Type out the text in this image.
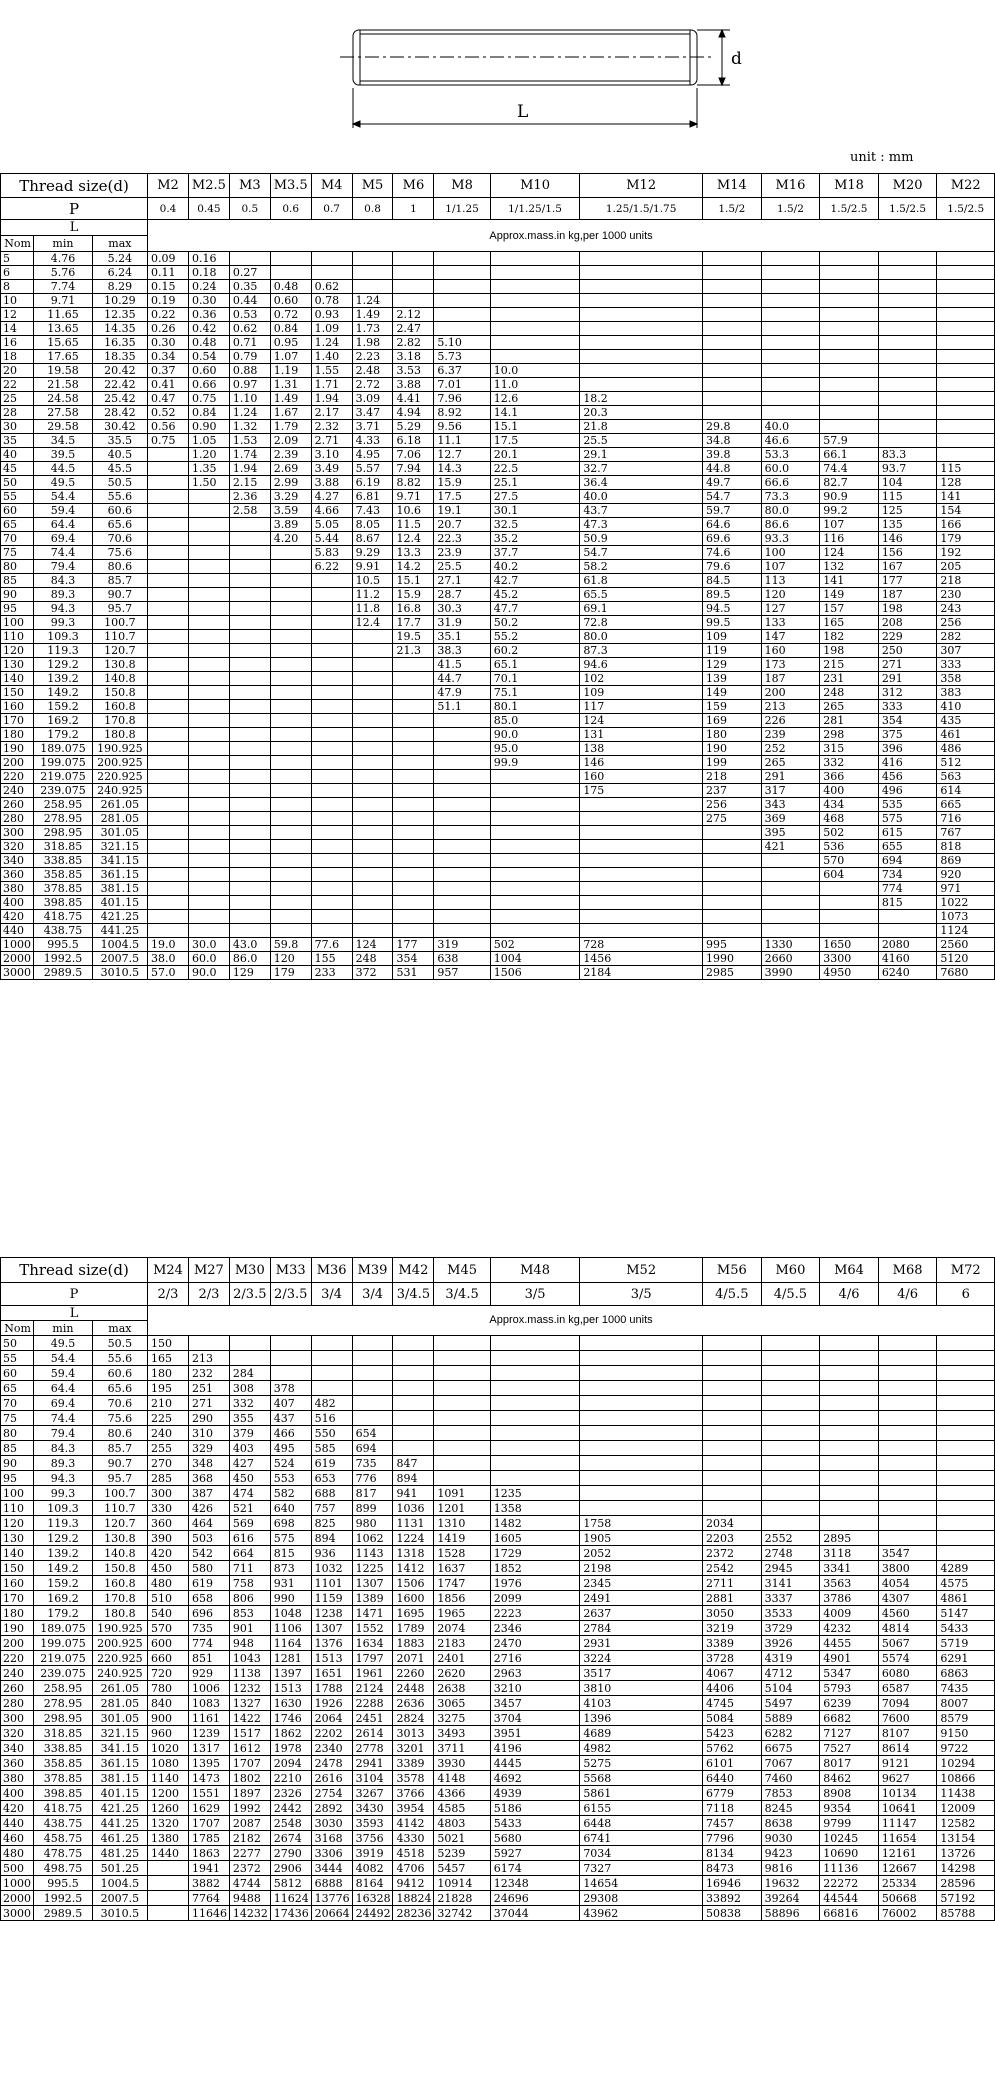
d
L
unit : mm
Thread size(d)			M2	M2.5	M3	M3.5	M4	M5	M6	M8	M10	M12	M14	M16	M18	M20	M22
P			0.4	0.45	0.5	0.6	0.7	0.8	1	1/1.25	1/1.25/1.5	1.25/1.5/1.75	1.5/2	1.5/2	1.5/2.5	1.5/2.5	1.5/2.5
L			Approx.mass.in kg,per 1000 units														
Nom	min	max															
5	4.76	5.24	0.09	0.16													
6	5.76	6.24	0.11	0.18	0.27												
8	7.74	8.29	0.15	0.24	0.35	0.48	0.62										
10	9.71	10.29	0.19	0.30	0.44	0.60	0.78	1.24									
12	11.65	12.35	0.22	0.36	0.53	0.72	0.93	1.49	2.12								
14	13.65	14.35	0.26	0.42	0.62	0.84	1.09	1.73	2.47								
16	15.65	16.35	0.30	0.48	0.71	0.95	1.24	1.98	2.82	5.10							
18	17.65	18.35	0.34	0.54	0.79	1.07	1.40	2.23	3.18	5.73							
20	19.58	20.42	0.37	0.60	0.88	1.19	1.55	2.48	3.53	6.37	10.0						
22	21.58	22.42	0.41	0.66	0.97	1.31	1.71	2.72	3.88	7.01	11.0						
25	24.58	25.42	0.47	0.75	1.10	1.49	1.94	3.09	4.41	7.96	12.6	18.2					
28	27.58	28.42	0.52	0.84	1.24	1.67	2.17	3.47	4.94	8.92	14.1	20.3					
30	29.58	30.42	0.56	0.90	1.32	1.79	2.32	3.71	5.29	9.56	15.1	21.8	29.8	40.0			
35	34.5	35.5	0.75	1.05	1.53	2.09	2.71	4.33	6.18	11.1	17.5	25.5	34.8	46.6	57.9		
40	39.5	40.5		1.20	1.74	2.39	3.10	4.95	7.06	12.7	20.1	29.1	39.8	53.3	66.1	83.3	
45	44.5	45.5		1.35	1.94	2.69	3.49	5.57	7.94	14.3	22.5	32.7	44.8	60.0	74.4	93.7	115
50	49.5	50.5		1.50	2.15	2.99	3.88	6.19	8.82	15.9	25.1	36.4	49.7	66.6	82.7	104	128
55	54.4	55.6			2.36	3.29	4.27	6.81	9.71	17.5	27.5	40.0	54.7	73.3	90.9	115	141
60	59.4	60.6			2.58	3.59	4.66	7.43	10.6	19.1	30.1	43.7	59.7	80.0	99.2	125	154
65	64.4	65.6				3.89	5.05	8.05	11.5	20.7	32.5	47.3	64.6	86.6	107	135	166
70	69.4	70.6				4.20	5.44	8.67	12.4	22.3	35.2	50.9	69.6	93.3	116	146	179
75	74.4	75.6					5.83	9.29	13.3	23.9	37.7	54.7	74.6	100	124	156	192
80	79.4	80.6					6.22	9.91	14.2	25.5	40.2	58.2	79.6	107	132	167	205
85	84.3	85.7						10.5	15.1	27.1	42.7	61.8	84.5	113	141	177	218
90	89.3	90.7						11.2	15.9	28.7	45.2	65.5	89.5	120	149	187	230
95	94.3	95.7						11.8	16.8	30.3	47.7	69.1	94.5	127	157	198	243
100	99.3	100.7						12.4	17.7	31.9	50.2	72.8	99.5	133	165	208	256
110	109.3	110.7							19.5	35.1	55.2	80.0	109	147	182	229	282
120	119.3	120.7							21.3	38.3	60.2	87.3	119	160	198	250	307
130	129.2	130.8								41.5	65.1	94.6	129	173	215	271	333
140	139.2	140.8								44.7	70.1	102	139	187	231	291	358
150	149.2	150.8								47.9	75.1	109	149	200	248	312	383
160	159.2	160.8								51.1	80.1	117	159	213	265	333	410
170	169.2	170.8									85.0	124	169	226	281	354	435
180	179.2	180.8									90.0	131	180	239	298	375	461
190	189.075	190.925									95.0	138	190	252	315	396	486
200	199.075	200.925									99.9	146	199	265	332	416	512
220	219.075	220.925										160	218	291	366	456	563
240	239.075	240.925										175	237	317	400	496	614
260	258.95	261.05											256	343	434	535	665
280	278.95	281.05											275	369	468	575	716
300	298.95	301.05												395	502	615	767
320	318.85	321.15												421	536	655	818
340	338.85	341.15													570	694	869
360	358.85	361.15													604	734	920
380	378.85	381.15														774	971
400	398.85	401.15														815	1022
420	418.75	421.25															1073
440	438.75	441.25															1124
1000	995.5	1004.5	19.0	30.0	43.0	59.8	77.6	124	177	319	502	728	995	1330	1650	2080	2560
2000	1992.5	2007.5	38.0	60.0	86.0	120	155	248	354	638	1004	1456	1990	2660	3300	4160	5120
3000	2989.5	3010.5	57.0	90.0	129	179	233	372	531	957	1506	2184	2985	3990	4950	6240	7680
Thread size(d)			M24	M27	M30	M33	M36	M39	M42	M45	M48	M52	M56	M60	M64	M68	M72
P			2/3	2/3	2/3.5	2/3.5	3/4	3/4	3/4.5	3/4.5	3/5	3/5	4/5.5	4/5.5	4/6	4/6	6
L			Approx.mass.in kg,per 1000 units														
Nom	min	max															
50	49.5	50.5	150														
55	54.4	55.6	165	213													
60	59.4	60.6	180	232	284												
65	64.4	65.6	195	251	308	378											
70	69.4	70.6	210	271	332	407	482										
75	74.4	75.6	225	290	355	437	516										
80	79.4	80.6	240	310	379	466	550	654									
85	84.3	85.7	255	329	403	495	585	694									
90	89.3	90.7	270	348	427	524	619	735	847								
95	94.3	95.7	285	368	450	553	653	776	894								
100	99.3	100.7	300	387	474	582	688	817	941	1091	1235						
110	109.3	110.7	330	426	521	640	757	899	1036	1201	1358						
120	119.3	120.7	360	464	569	698	825	980	1131	1310	1482	1758	2034				
130	129.2	130.8	390	503	616	575	894	1062	1224	1419	1605	1905	2203	2552	2895		
140	139.2	140.8	420	542	664	815	936	1143	1318	1528	1729	2052	2372	2748	3118	3547	
150	149.2	150.8	450	580	711	873	1032	1225	1412	1637	1852	2198	2542	2945	3341	3800	4289
160	159.2	160.8	480	619	758	931	1101	1307	1506	1747	1976	2345	2711	3141	3563	4054	4575
170	169.2	170.8	510	658	806	990	1159	1389	1600	1856	2099	2491	2881	3337	3786	4307	4861
180	179.2	180.8	540	696	853	1048	1238	1471	1695	1965	2223	2637	3050	3533	4009	4560	5147
190	189.075	190.925	570	735	901	1106	1307	1552	1789	2074	2346	2784	3219	3729	4232	4814	5433
200	199.075	200.925	600	774	948	1164	1376	1634	1883	2183	2470	2931	3389	3926	4455	5067	5719
220	219.075	220.925	660	851	1043	1281	1513	1797	2071	2401	2716	3224	3728	4319	4901	5574	6291
240	239.075	240.925	720	929	1138	1397	1651	1961	2260	2620	2963	3517	4067	4712	5347	6080	6863
260	258.95	261.05	780	1006	1232	1513	1788	2124	2448	2638	3210	3810	4406	5104	5793	6587	7435
280	278.95	281.05	840	1083	1327	1630	1926	2288	2636	3065	3457	4103	4745	5497	6239	7094	8007
300	298.95	301.05	900	1161	1422	1746	2064	2451	2824	3275	3704	1396	5084	5889	6682	7600	8579
320	318.85	321.15	960	1239	1517	1862	2202	2614	3013	3493	3951	4689	5423	6282	7127	8107	9150
340	338.85	341.15	1020	1317	1612	1978	2340	2778	3201	3711	4196	4982	5762	6675	7527	8614	9722
360	358.85	361.15	1080	1395	1707	2094	2478	2941	3389	3930	4445	5275	6101	7067	8017	9121	10294
380	378.85	381.15	1140	1473	1802	2210	2616	3104	3578	4148	4692	5568	6440	7460	8462	9627	10866
400	398.85	401.15	1200	1551	1897	2326	2754	3267	3766	4366	4939	5861	6779	7853	8908	10134	11438
420	418.75	421.25	1260	1629	1992	2442	2892	3430	3954	4585	5186	6155	7118	8245	9354	10641	12009
440	438.75	441.25	1320	1707	2087	2548	3030	3593	4142	4803	5433	6448	7457	8638	9799	11147	12582
460	458.75	461.25	1380	1785	2182	2674	3168	3756	4330	5021	5680	6741	7796	9030	10245	11654	13154
480	478.75	481.25	1440	1863	2277	2790	3306	3919	4518	5239	5927	7034	8134	9423	10690	12161	13726
500	498.75	501.25		1941	2372	2906	3444	4082	4706	5457	6174	7327	8473	9816	11136	12667	14298
1000	995.5	1004.5		3882	4744	5812	6888	8164	9412	10914	12348	14654	16946	19632	22272	25334	28596
2000	1992.5	2007.5		7764	9488	11624	13776	16328	18824	21828	24696	29308	33892	39264	44544	50668	57192
3000	2989.5	3010.5		11646	14232	17436	20664	24492	28236	32742	37044	43962	50838	58896	66816	76002	85788
